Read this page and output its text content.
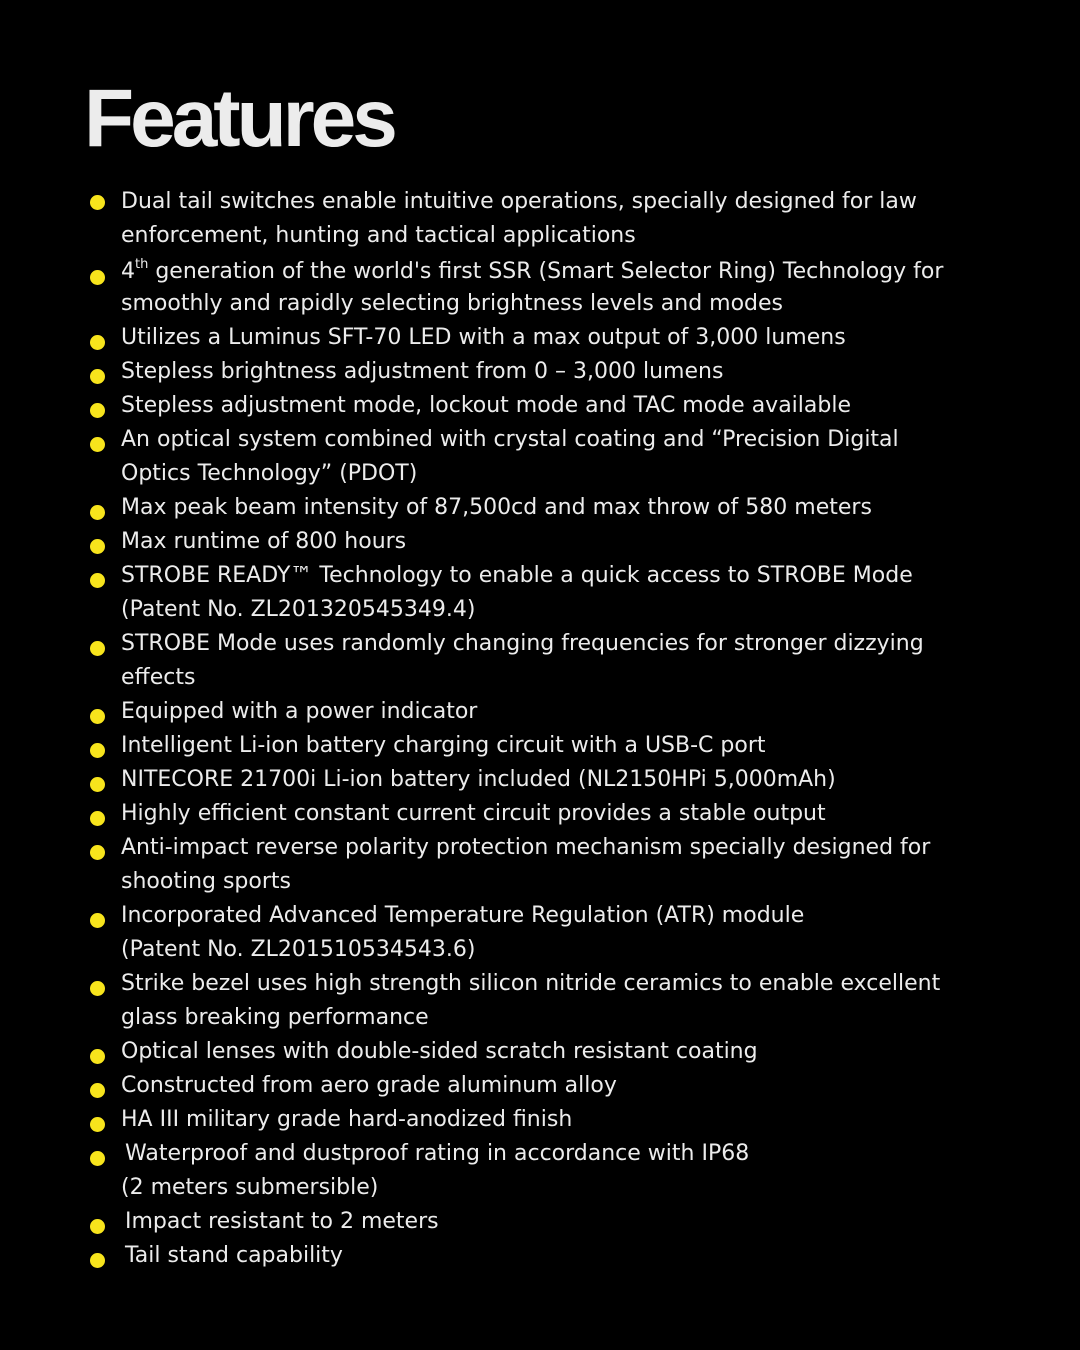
Features
Dual tail switches enable intuitive operations, specially designed for law
enforcement, hunting and tactical applications
4th generation of the world's first SSR (Smart Selector Ring) Technology for
smoothly and rapidly selecting brightness levels and modes
Utilizes a Luminus SFT-70 LED with a max output of 3,000 lumens
Stepless brightness adjustment from 0 – 3,000 lumens
Stepless adjustment mode, lockout mode and TAC mode available
An optical system combined with crystal coating and “Precision Digital
Optics Technology” (PDOT)
Max peak beam intensity of 87,500cd and max throw of 580 meters
Max runtime of 800 hours
STROBE READY™ Technology to enable a quick access to STROBE Mode
(Patent No. ZL201320545349.4)
STROBE Mode uses randomly changing frequencies for stronger dizzying
effects
Equipped with a power indicator
Intelligent Li-ion battery charging circuit with a USB-C port
NITECORE 21700i Li-ion battery included (NL2150HPi 5,000mAh)
Highly efficient constant current circuit provides a stable output
Anti-impact reverse polarity protection mechanism specially designed for
shooting sports
Incorporated Advanced Temperature Regulation (ATR) module
(Patent No. ZL201510534543.6)
Strike bezel uses high strength silicon nitride ceramics to enable excellent
glass breaking performance
Optical lenses with double-sided scratch resistant coating
Constructed from aero grade aluminum alloy
HA III military grade hard-anodized finish
Waterproof and dustproof rating in accordance with IP68
(2 meters submersible)
Impact resistant to 2 meters
Tail stand capability
